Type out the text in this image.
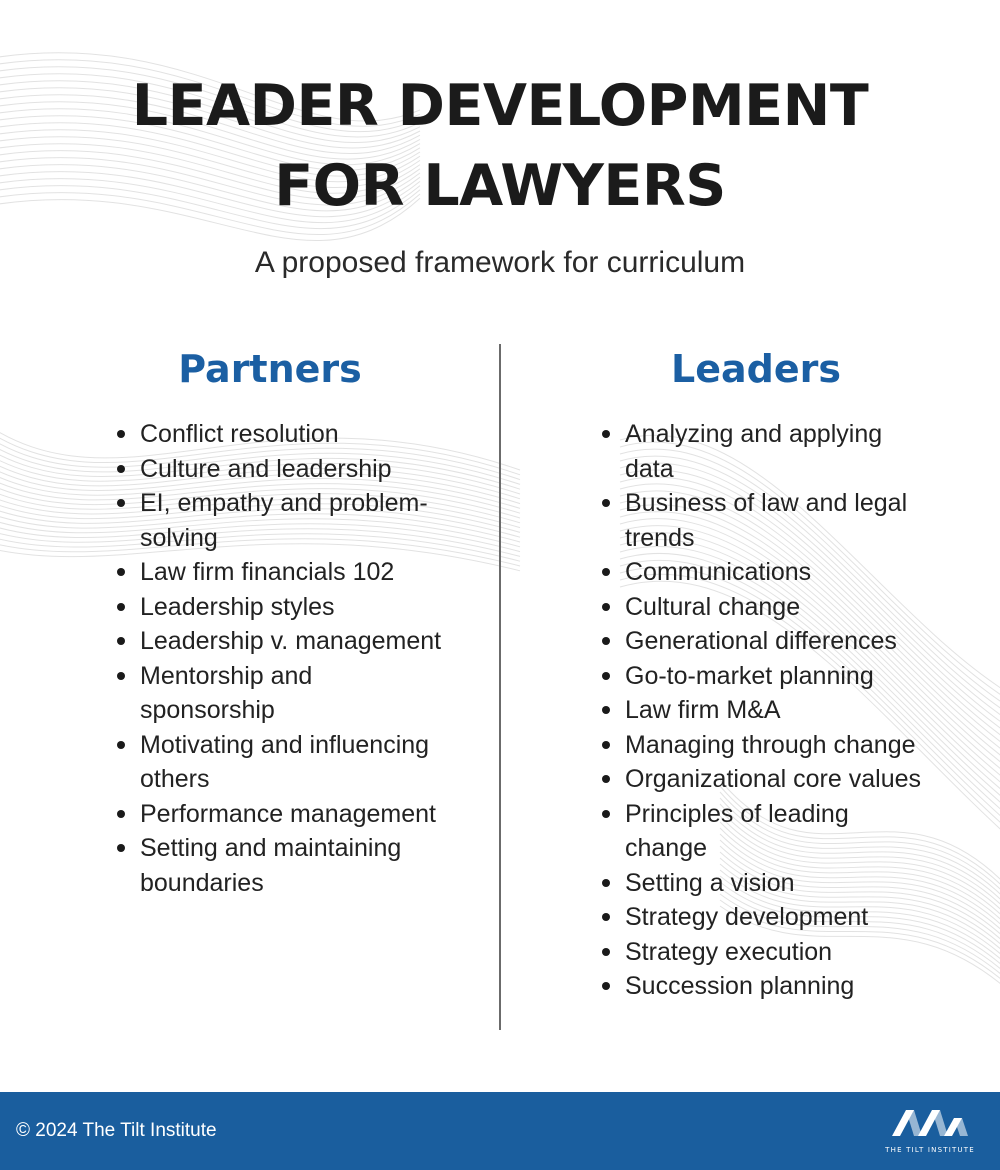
LEADER DEVELOPMENT
FOR LAWYERS
A proposed framework for curriculum
Partners	Leaders
Conflict resolution
Culture and leadership
EI, empathy and problem-solving
Law firm financials 102
Leadership styles
Leadership v. management
Mentorship and sponsorship
Motivating and influencing others
Performance management
Setting and maintaining boundaries
Analyzing and applying data
Business of law and legal trends
Communications
Cultural change
Generational differences
Go-to-market planning
Law firm M&A
Managing through change
Organizational core values
Principles of leading change
Setting a vision
Strategy development
Strategy execution
Succession planning
© 2024 The Tilt Institute
THE TILT INSTITUTE
